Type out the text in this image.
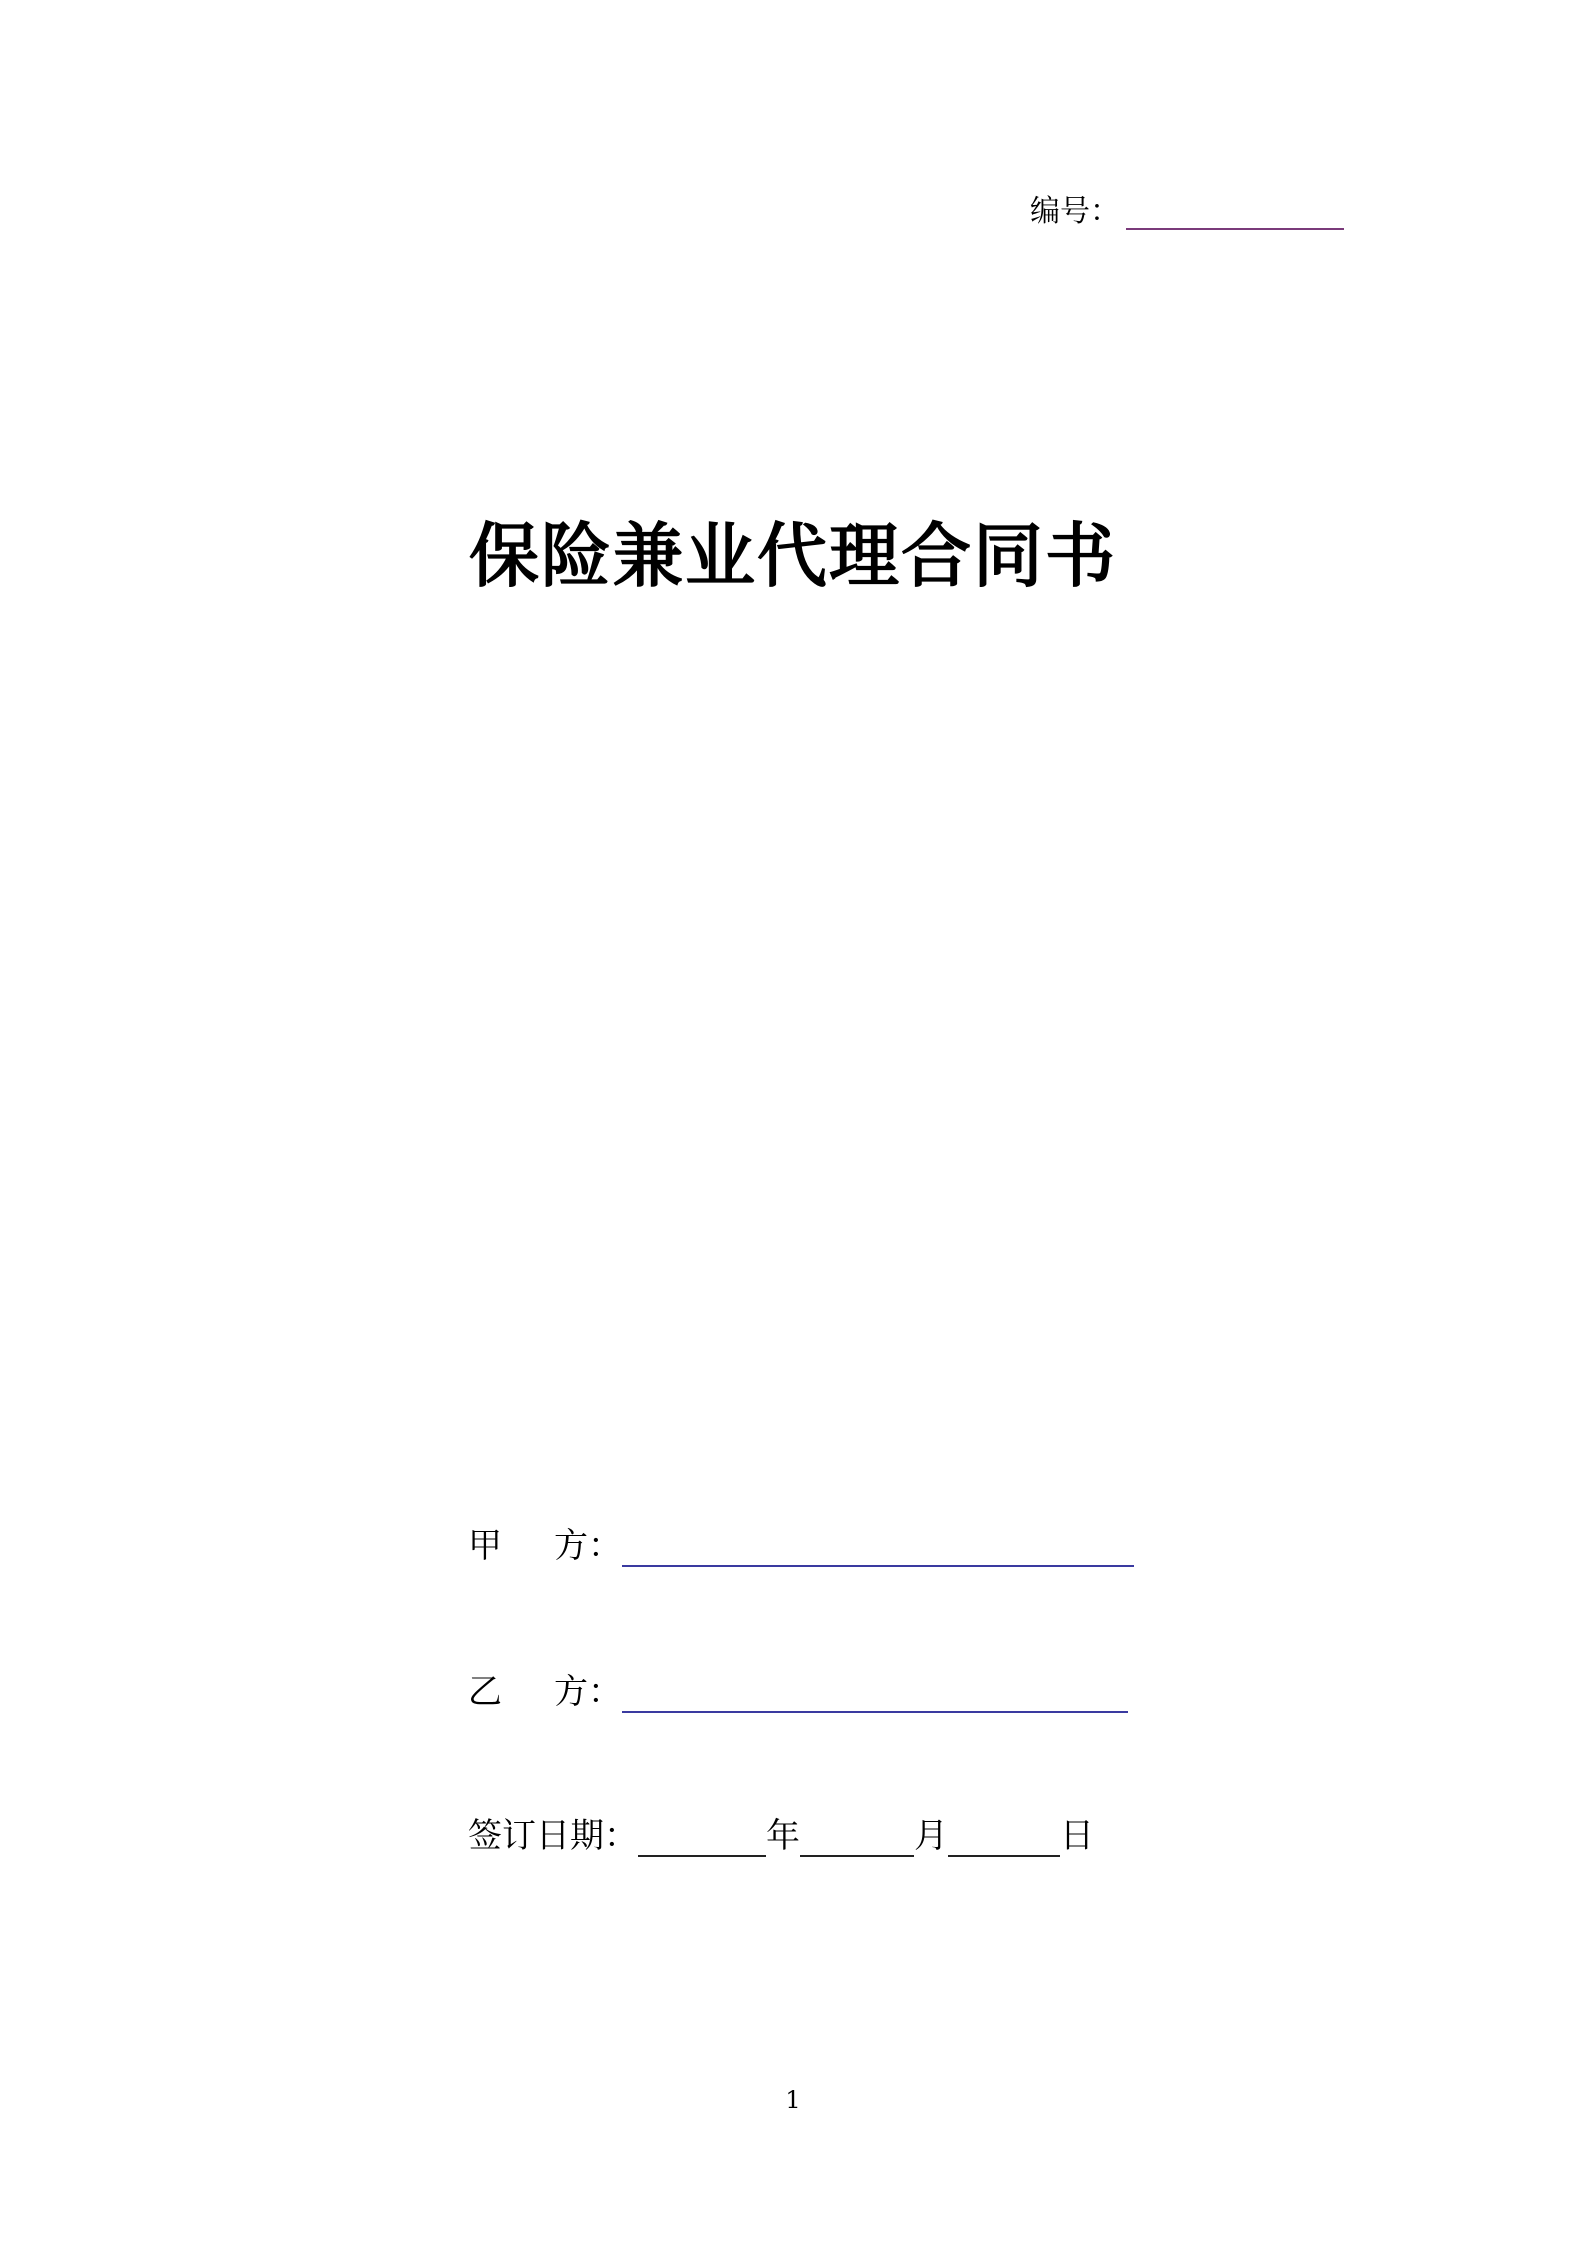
编号：
保险兼业代理合同书
甲 方 ：
乙 方 ：
签订日期：	年	月	日
1
